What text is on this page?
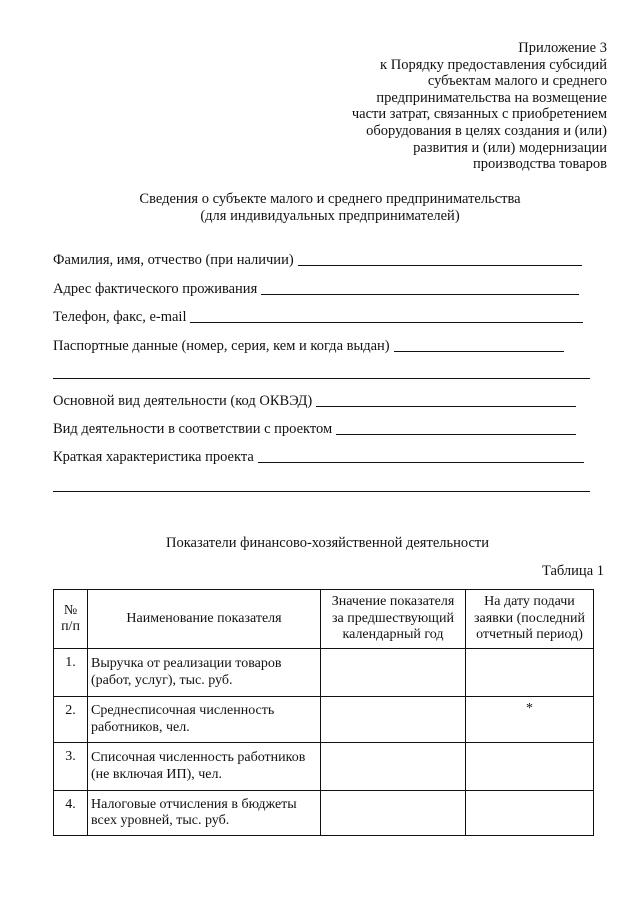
Приложение 3
к Порядку предоставления субсидий
субъектам малого и среднего
предпринимательства на возмещение
части затрат, связанных с приобретением
оборудования в целях создания и (или)
развития и (или) модернизации
производства товаров
Сведения о субъекте малого и среднего предпринимательства
(для индивидуальных предпринимателей)
Фамилия, имя, отчество (при наличии)
Адрес фактического проживания
Телефон, факс, e-mail
Паспортные данные (номер, серия, кем и когда выдан)
Основной вид деятельности (код ОКВЭД)
Вид деятельности в соответствии с проектом
Краткая характеристика проекта
Показатели финансово-хозяйственной деятельности
Таблица 1
№
п/п	Наименование показателя	Значение показателя
за предшествующий
календарный год	На дату подачи
заявки (последний
отчетный период)
1.	Выручка от реализации товаров
(работ, услуг), тыс. руб.		
2.	Среднесписочная численность
работников, чел.		*
3.	Списочная численность работников
(не включая ИП), чел.		
4.	Налоговые отчисления в бюджеты
всех уровней, тыс. руб.		
